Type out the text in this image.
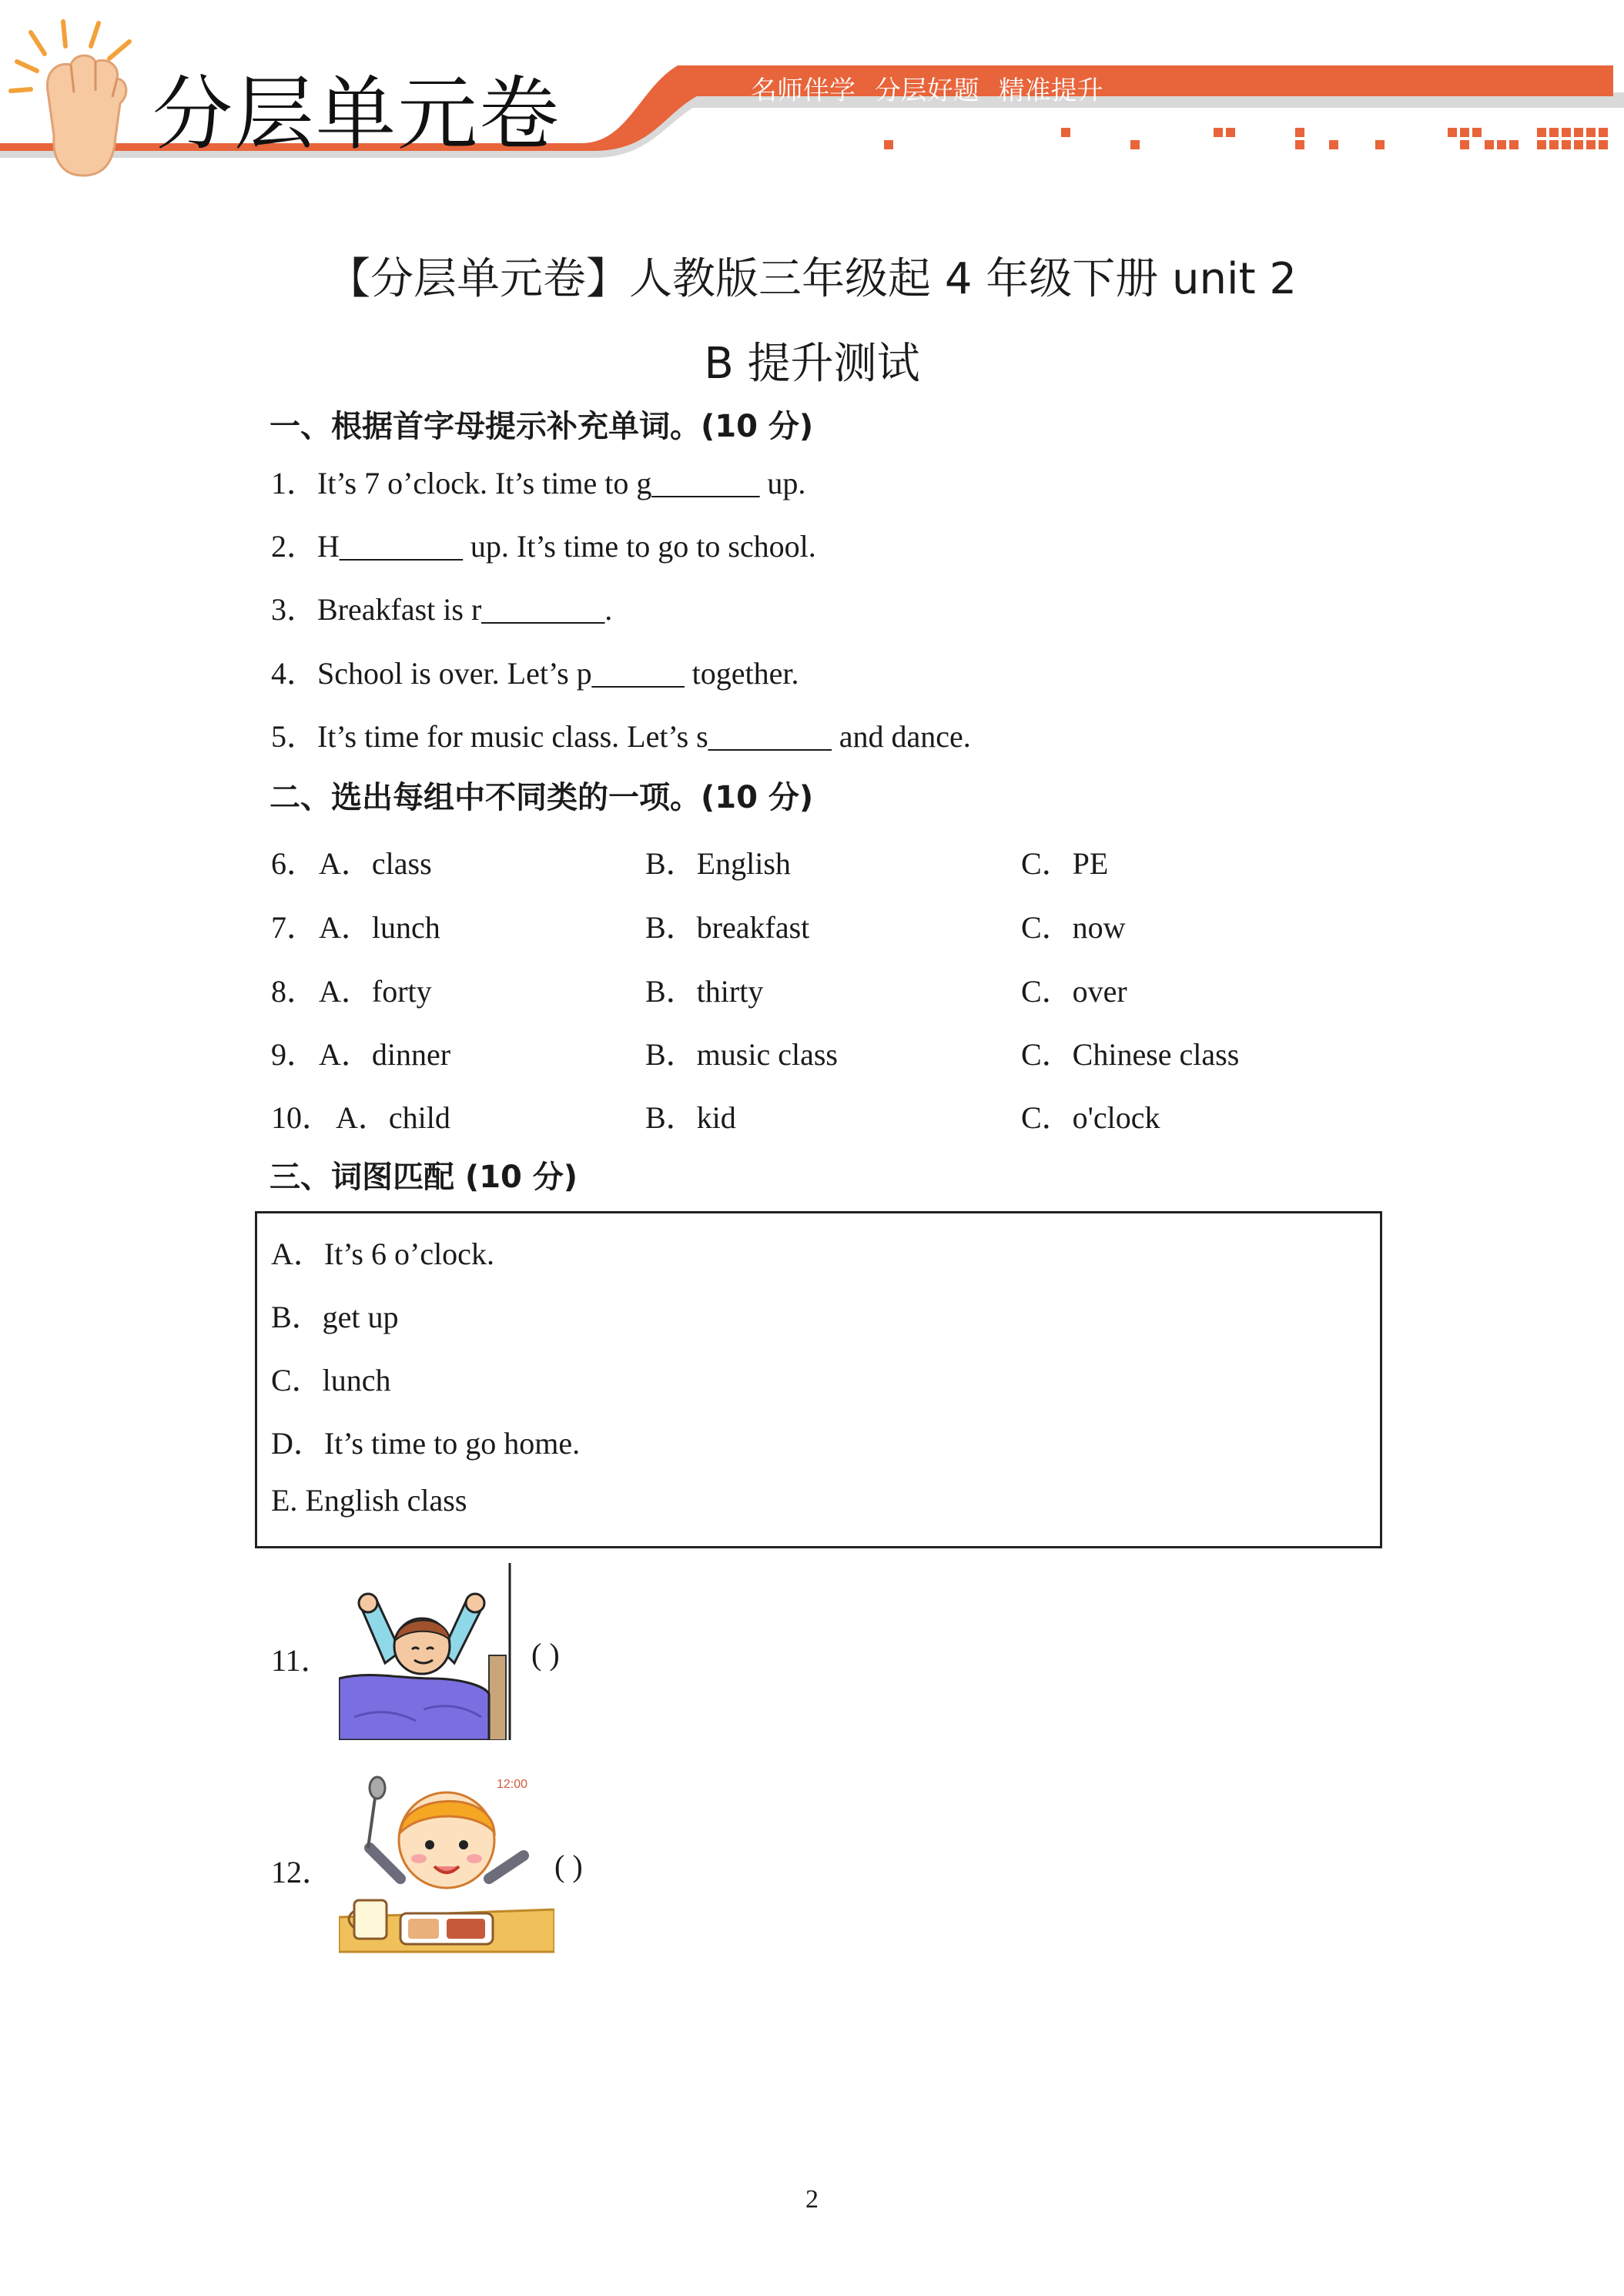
分层单元卷	名师伴学 分层好题 精准提升
【分层单元卷】人教版三年级起 4 年级下册 unit 2
B 提升测试
一、根据首字母提示补充单词。(10 分)
1．It’s 7 o’clock. It’s time to g_______ up.
2．H________ up. It’s time to go to school.
3．Breakfast is r________.
4．School is over. Let’s p______ together.
5．It’s time for music class. Let’s s________ and dance.
二、选出每组中不同类的一项。(10 分)
6． A．class	B．English	C．PE
7． A．lunch	B．breakfast	C．now
8． A．forty	B．thirty	C．over
9． A．dinner	B．music class	C．Chinese class
10． A．child	B．kid	C．o'clock
三、词图匹配 (10 分)
A．It’s 6 o’clock.
B．get up
C．lunch
D．It’s time to go home.
E. English class
11．	( )
12．
12:00
( )
2
